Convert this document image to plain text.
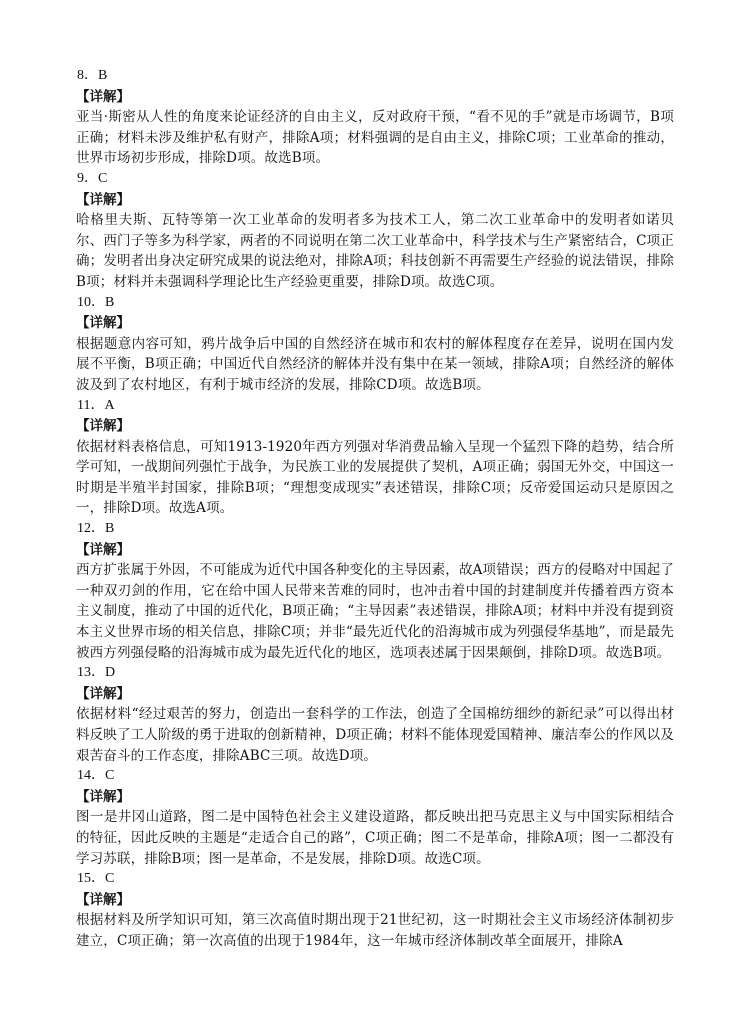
8．B
【详解】
亚当·斯密从人性的角度来论证经济的自由主义，反对政府干预，“看不见的手”就是市场调节，B项正确；材料未涉及维护私有财产，排除A项；材料强调的是自由主义，排除C项；工业革命的推动，世界市场初步形成，排除D项。故选B项。
9．C
【详解】
哈格里夫斯、瓦特等第一次工业革命的发明者多为技术工人，第二次工业革命中的发明者如诺贝尔、西门子等多为科学家，两者的不同说明在第二次工业革命中，科学技术与生产紧密结合，C项正确；发明者出身决定研究成果的说法绝对，排除A项；科技创新不再需要生产经验的说法错误，排除B项；材料并未强调科学理论比生产经验更重要，排除D项。故选C项。
10．B
【详解】
根据题意内容可知，鸦片战争后中国的自然经济在城市和农村的解体程度存在差异，说明在国内发展不平衡，B项正确；中国近代自然经济的解体并没有集中在某一领域，排除A项；自然经济的解体波及到了农村地区，有利于城市经济的发展，排除CD项。故选B项。
11．A
【详解】
依据材料表格信息，可知1913-1920年西方列强对华消费品输入呈现一个猛烈下降的趋势，结合所学可知，一战期间列强忙于战争，为民族工业的发展提供了契机，A项正确；弱国无外交，中国这一时期是半殖半封国家，排除B项；“理想变成现实”表述错误，排除C项；反帝爱国运动只是原因之一，排除D项。故选A项。
12．B
【详解】
西方扩张属于外因，不可能成为近代中国各种变化的主导因素，故A项错误；西方的侵略对中国起了一种双刃剑的作用，它在给中国人民带来苦难的同时，也冲击着中国的封建制度并传播着西方资本主义制度，推动了中国的近代化，B项正确；“主导因素”表述错误，排除A项；材料中并没有提到资本主义世界市场的相关信息，排除C项；并非“最先近代化的沿海城市成为列强侵华基地”，而是最先被西方列强侵略的沿海城市成为最先近代化的地区，选项表述属于因果颠倒，排除D项。故选B项。
13．D
【详解】
依据材料“经过艰苦的努力，创造出一套科学的工作法，创造了全国棉纺细纱的新纪录”可以得出材料反映了工人阶级的勇于进取的创新精神，D项正确；材料不能体现爱国精神、廉洁奉公的作风以及艰苦奋斗的工作态度，排除ABC三项。故选D项。
14．C
【详解】
图一是井冈山道路，图二是中国特色社会主义建设道路，都反映出把马克思主义与中国实际相结合的特征，因此反映的主题是“走适合自己的路”，C项正确；图二不是革命，排除A项；图一二都没有学习苏联，排除B项；图一是革命，不是发展，排除D项。故选C项。
15．C
【详解】
根据材料及所学知识可知，第三次高值时期出现于21世纪初，这一时期社会主义市场经济体制初步建立，C项正确；第一次高值的出现于1984年，这一年城市经济体制改革全面展开，排除A
